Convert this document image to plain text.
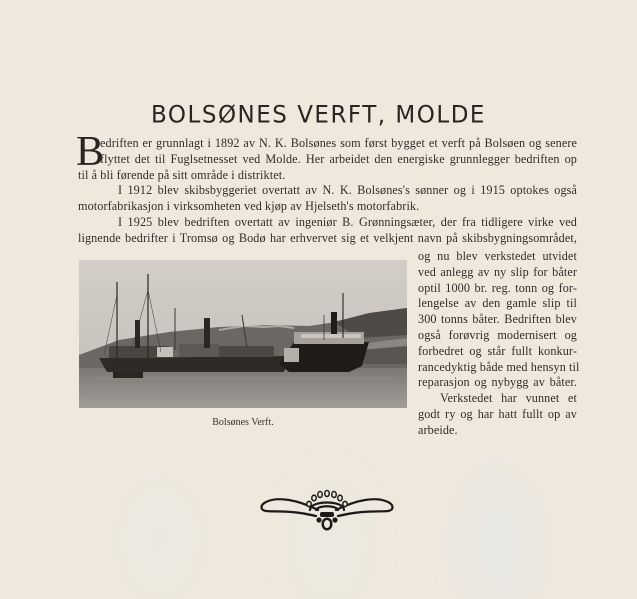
BOLSØNES VERFT, MOLDE
B
edriften er grunnlagt i 1892 av N. K. Bolsønes som først bygget et verft på Bolsøen og senere
flyttet det til Fuglsetnesset ved Molde. Her arbeidet den energiske grunnlegger bedriften op
til å bli førende på sitt område i distriktet.
I 1912 blev skibsbyggeriet overtatt av N. K. Bolsønes's sønner og i 1915 optokes også
motorfabrikasjon i virksomheten ved kjøp av Hjelseth's motorfabrik.
I 1925 blev bedriften overtatt av ingeniør B. Grønningsæter, der fra tidligere virke ved
lignende bedrifter i Tromsø og Bodø har erhvervet sig et velkjent navn på skibsbygningsområdet,
og nu blev verkstedet utvidet
ved anlegg av ny slip for båter
optil 1000 br. reg. tonn og for-
lengelse av den gamle slip til
300 tonns båter. Bedriften blev
også forøvrig modernisert og
forbedret og står fullt konkur-
rancedyktig både med hensyn til
reparasjon og nybygg av båter.
Verkstedet har vunnet et
godt ry og har hatt fullt op av
arbeide.
Bolsønes Verft.
